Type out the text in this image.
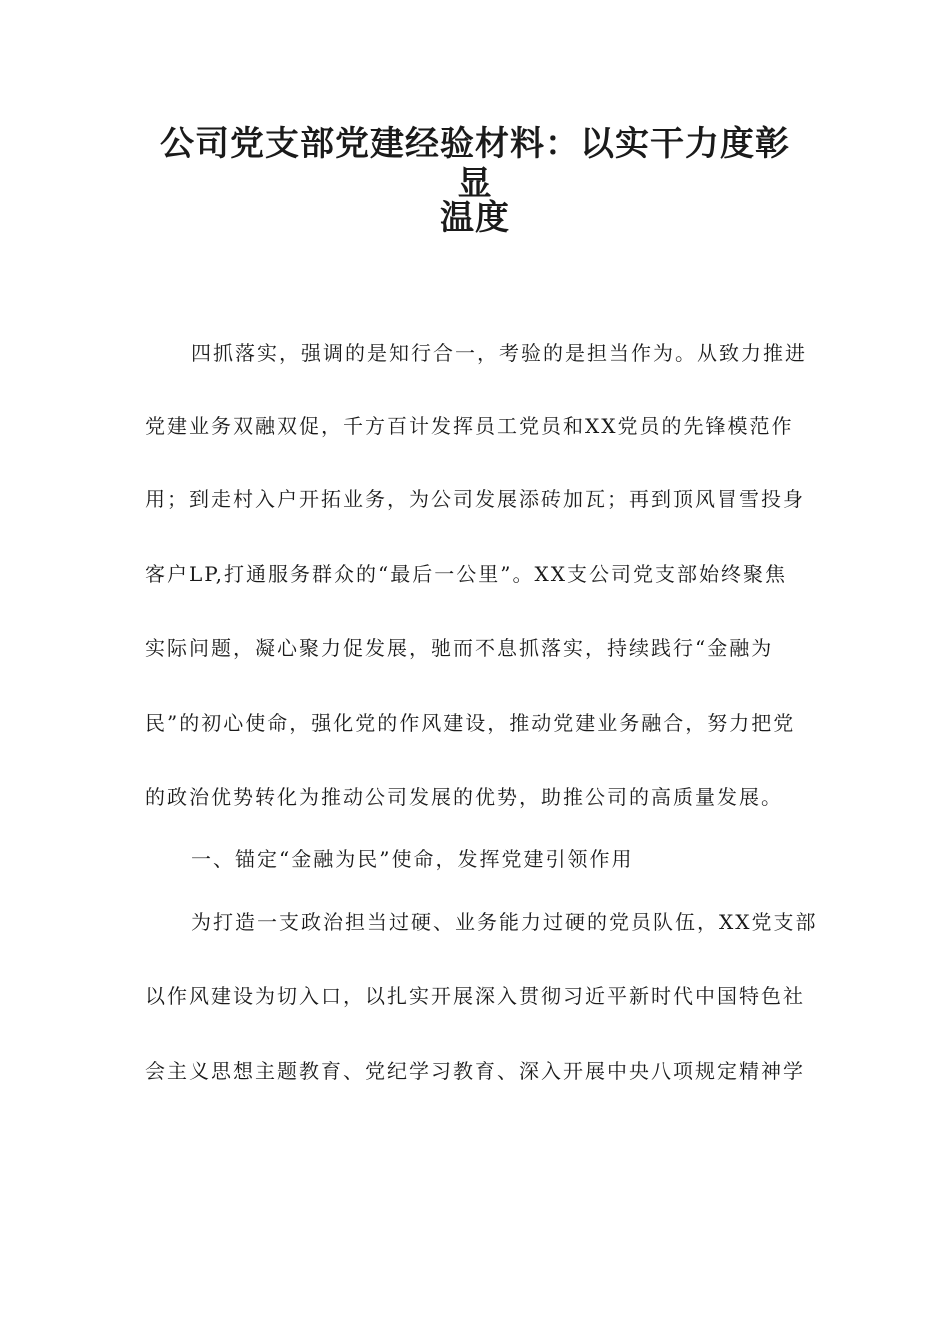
公司党支部党建经验材料：以实干力度彰显
温度

四抓落实，强调的是知行合一，考验的是担当作为。从致力推进

党建业务双融双促，千方百计发挥员工党员和XX党员的先锋模范作

用；到走村入户开拓业务，为公司发展添砖加瓦；再到顶风冒雪投身

客户LP,打通服务群众的“最后一公里”。XX支公司党支部始终聚焦

实际问题，凝心聚力促发展，驰而不息抓落实，持续践行“金融为

民”的初心使命，强化党的作风建设，推动党建业务融合，努力把党

的政治优势转化为推动公司发展的优势，助推公司的高质量发展。

一、锚定“金融为民”使命，发挥党建引领作用

为打造一支政治担当过硬、业务能力过硬的党员队伍，XX党支部

以作风建设为切入口，以扎实开展深入贯彻习近平新时代中国特色社

会主义思想主题教育、党纪学习教育、深入开展中央八项规定精神学
